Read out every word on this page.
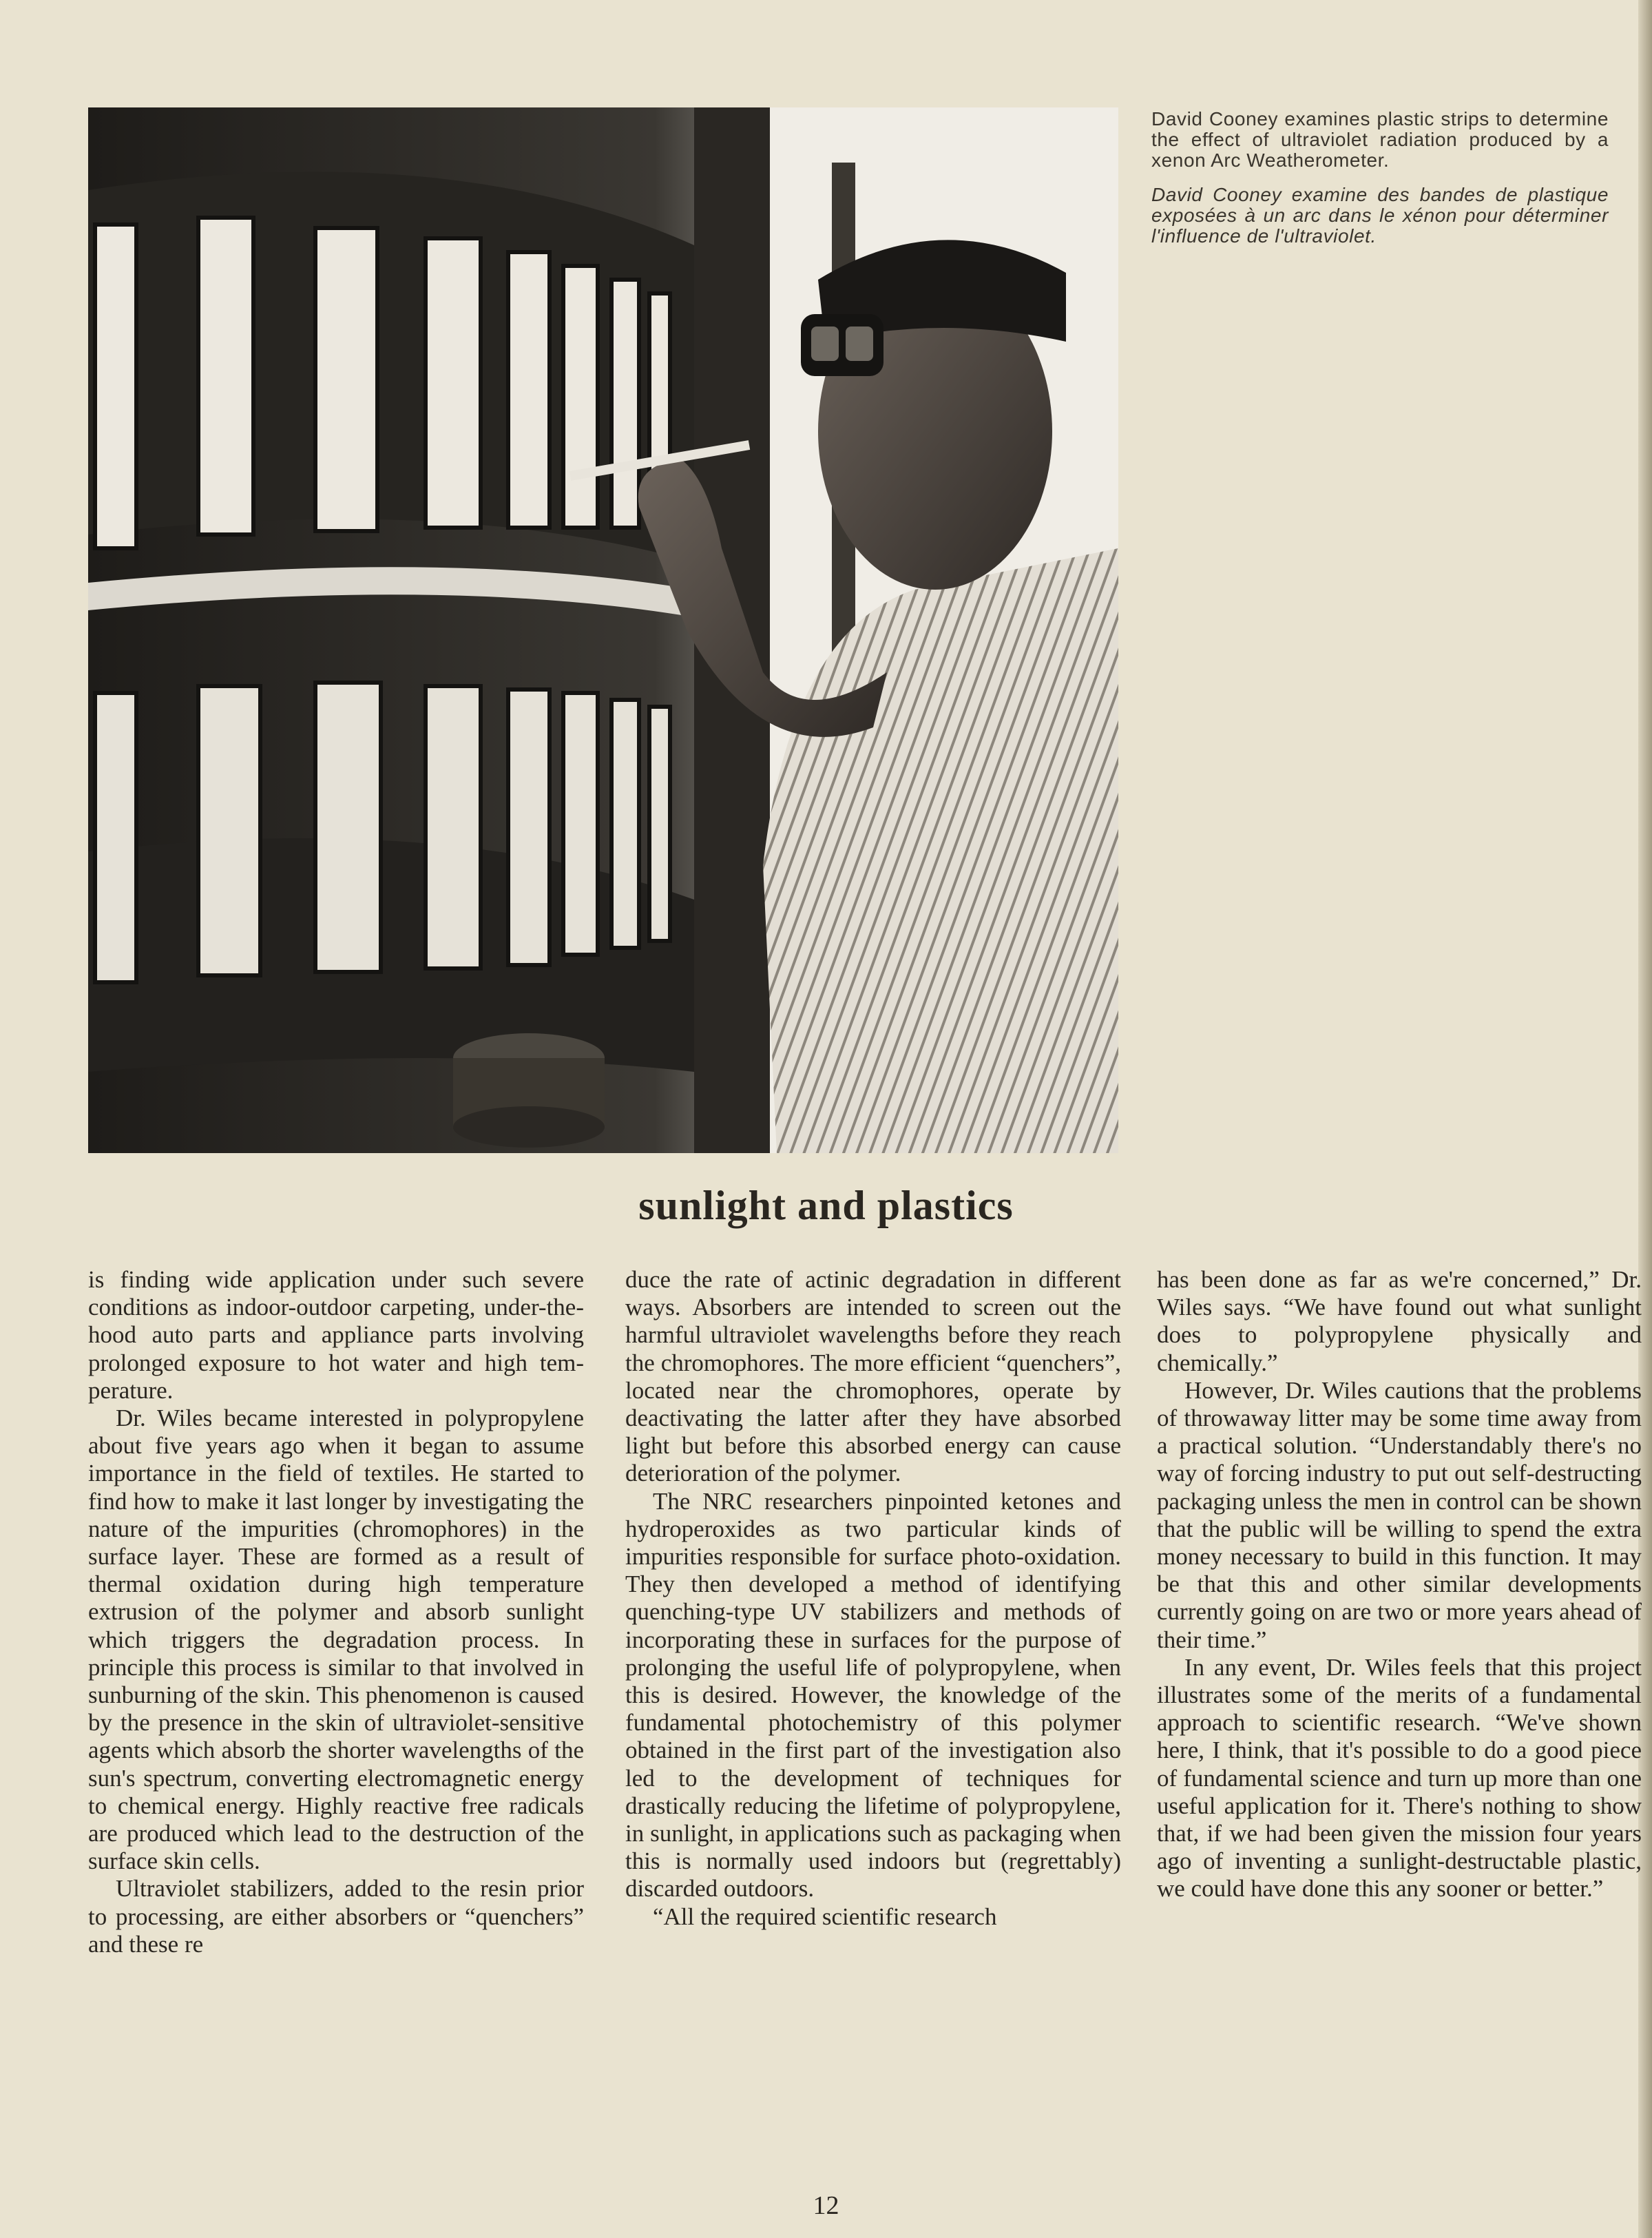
David Cooney examines plastic strips to determine the effect of ultraviolet radiation produced by a xenon Arc Weatherometer.

David Cooney examine des bandes de plastique exposées à un arc dans le xénon pour déterminer l'influence de l'ultraviolet.

sunlight and plastics

is finding wide application under such severe conditions as indoor-outdoor carpeting, under-the-hood auto parts and appliance parts involving prolonged exposure to hot water and high temperature.

Dr. Wiles became interested in polypropylene about five years ago when it began to assume importance in the field of textiles. He started to find how to make it last longer by investigating the nature of the impurities (chromophores) in the surface layer. These are formed as a result of thermal oxidation during high temperature extrusion of the polymer and absorb sunlight which triggers the degradation process. In principle this process is similar to that involved in sunburning of the skin. This phenomenon is caused by the presence in the skin of ultraviolet-sensitive agents which absorb the shorter wavelengths of the sun's spectrum, converting electromagnetic energy to chemical energy. Highly reactive free radicals are produced which lead to the destruction of the surface skin cells.

Ultraviolet stabilizers, added to the resin prior to processing, are either absorbers or “quenchers” and these re

duce the rate of actinic degradation in different ways. Absorbers are intended to screen out the harmful ultraviolet wavelengths before they reach the chromophores. The more efficient “quenchers”, located near the chromophores, operate by deactivating the latter after they have absorbed light but before this absorbed energy can cause deterioration of the polymer.

The NRC researchers pinpointed ketones and hydroperoxides as two particular kinds of impurities responsible for surface photo-oxidation. They then developed a method of identifying quenching-type UV stabilizers and methods of incorporating these in surfaces for the purpose of prolonging the useful life of polypropylene, when this is desired. However, the knowledge of the fundamental photochemistry of this polymer obtained in the first part of the investigation also led to the development of techniques for drastically reducing the lifetime of polypropylene, in sunlight, in applications such as packaging when this is normally used indoors but (regrettably) discarded outdoors.

“All the required scientific research

has been done as far as we're concerned,” Dr. Wiles says. “We have found out what sunlight does to polypropylene physically and chemically.”

However, Dr. Wiles cautions that the problems of throwaway litter may be some time away from a practical solution. “Understandably there's no way of forcing industry to put out self-destructing packaging unless the men in control can be shown that the public will be willing to spend the extra money necessary to build in this function. It may be that this and other similar developments currently going on are two or more years ahead of their time.”

In any event, Dr. Wiles feels that this project illustrates some of the merits of a fundamental approach to scientific research. “We've shown here, I think, that it's possible to do a good piece of fundamental science and turn up more than one useful application for it. There's nothing to show that, if we had been given the mission four years ago of inventing a sunlight-destructable plastic, we could have done this any sooner or better.”

12
